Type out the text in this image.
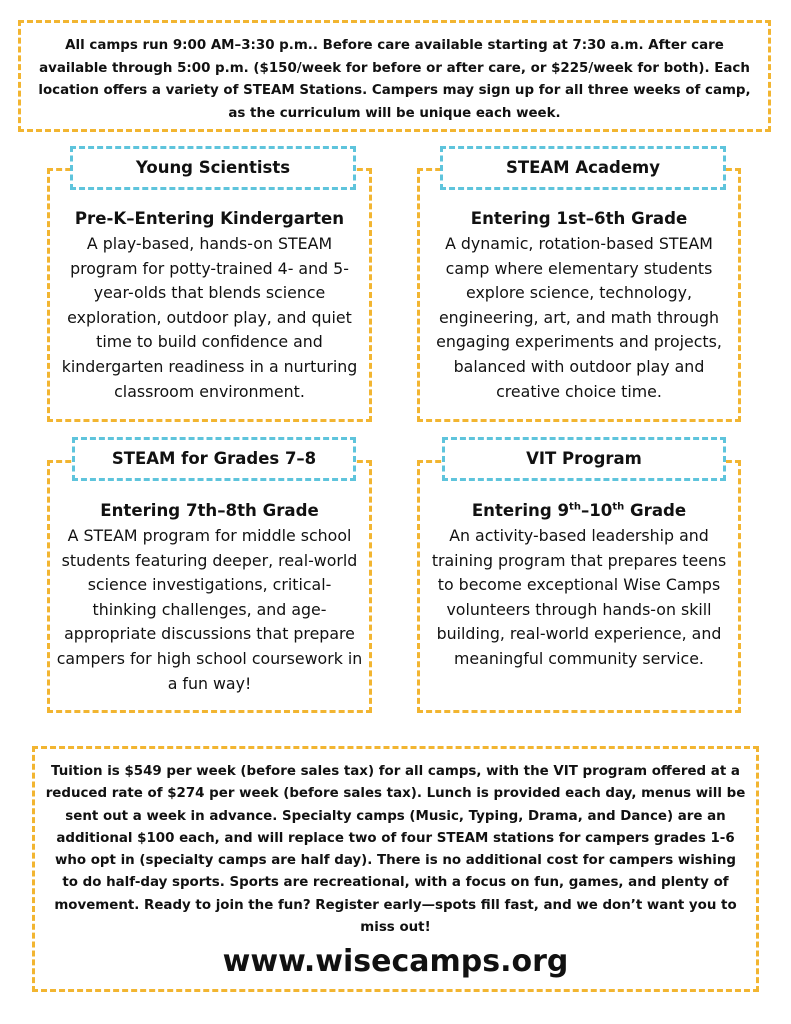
All camps run 9:00 AM–3:30 p.m.. Before care available starting at 7:30 a.m. After care available through 5:00 p.m. ($150/week for before or after care, or $225/week for both). Each location offers a variety of STEAM Stations. Campers may sign up for all three weeks of camp, as the curriculum will be unique each week.
Pre-K–Entering Kindergarten
A play-based, hands-on STEAM program for potty-trained 4- and 5-year-olds that blends science exploration, outdoor play, and quiet time to build confidence and kindergarten readiness in a nurturing classroom environment.
Young Scientists
Entering 1st–6th Grade
A dynamic, rotation-based STEAM camp where elementary students explore science, technology, engineering, art, and math through engaging experiments and projects, balanced with outdoor play and creative choice time.
STEAM Academy
Entering 7th–8th Grade
A STEAM program for middle school students featuring deeper, real-world science investigations, critical-thinking challenges, and age-appropriate discussions that prepare campers for high school coursework in a fun way!
STEAM for Grades 7–8
Entering 9th–10th Grade
An activity-based leadership and training program that prepares teens to become exceptional Wise Camps volunteers through hands-on skill building, real-world experience, and meaningful community service.
VIT Program
Tuition is $549 per week (before sales tax) for all camps, with the VIT program offered at a reduced rate of $274 per week (before sales tax). Lunch is provided each day, menus will be sent out a week in advance. Specialty camps (Music, Typing, Drama, and Dance) are an additional $100 each, and will replace two of four STEAM stations for campers grades 1-6 who opt in (specialty camps are half day). There is no additional cost for campers wishing to do half-day sports. Sports are recreational, with a focus on fun, games, and plenty of movement. Ready to join the fun? Register early—spots fill fast, and we don’t want you to miss out!
www.wisecamps.org
